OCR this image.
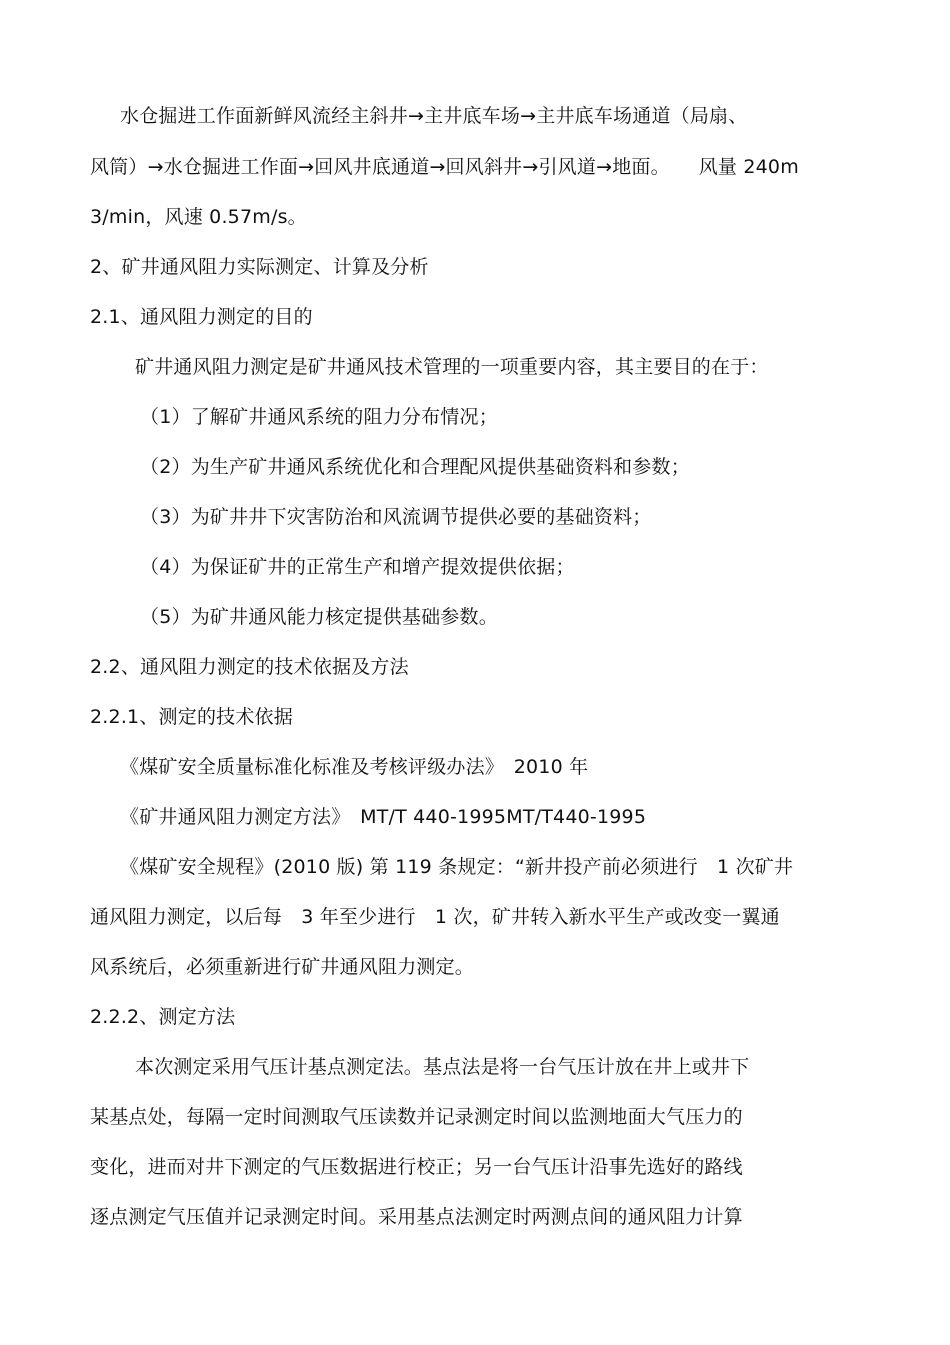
水仓掘进工作面新鲜风流经主斜井→主井底车场→主井底车场通道（局扇、
风筒）→水仓掘进工作面→回风井底通道→回风斜井→引风道→地面。　　风量 240m
3/min，风速 0.57m/s。
2、矿井通风阻力实际测定、计算及分析
2.1、通风阻力测定的目的
矿井通风阻力测定是矿井通风技术管理的一项重要内容，其主要目的在于：
（1）了解矿井通风系统的阻力分布情况；
（2）为生产矿井通风系统优化和合理配风提供基础资料和参数；
（3）为矿井井下灾害防治和风流调节提供必要的基础资料；
（4）为保证矿井的正常生产和增产提效提供依据；
（5）为矿井通风能力核定提供基础参数。
2.2、通风阻力测定的技术依据及方法
2.2.1、测定的技术依据
《煤矿安全质量标准化标准及考核评级办法》　2010 年
《矿井通风阻力测定方法》　MT/T 440-1995MT/T440-1995
《煤矿安全规程》(2010 版) 第 119 条规定：“新井投产前必须进行　1 次矿井
通风阻力测定，以后每　3 年至少进行　1 次，矿井转入新水平生产或改变一翼通
风系统后，必须重新进行矿井通风阻力测定。
2.2.2、测定方法
本次测定采用气压计基点测定法。基点法是将一台气压计放在井上或井下
某基点处，每隔一定时间测取气压读数并记录测定时间以监测地面大气压力的
变化，进而对井下测定的气压数据进行校正；另一台气压计沿事先选好的路线
逐点测定气压值并记录测定时间。采用基点法测定时两测点间的通风阻力计算
